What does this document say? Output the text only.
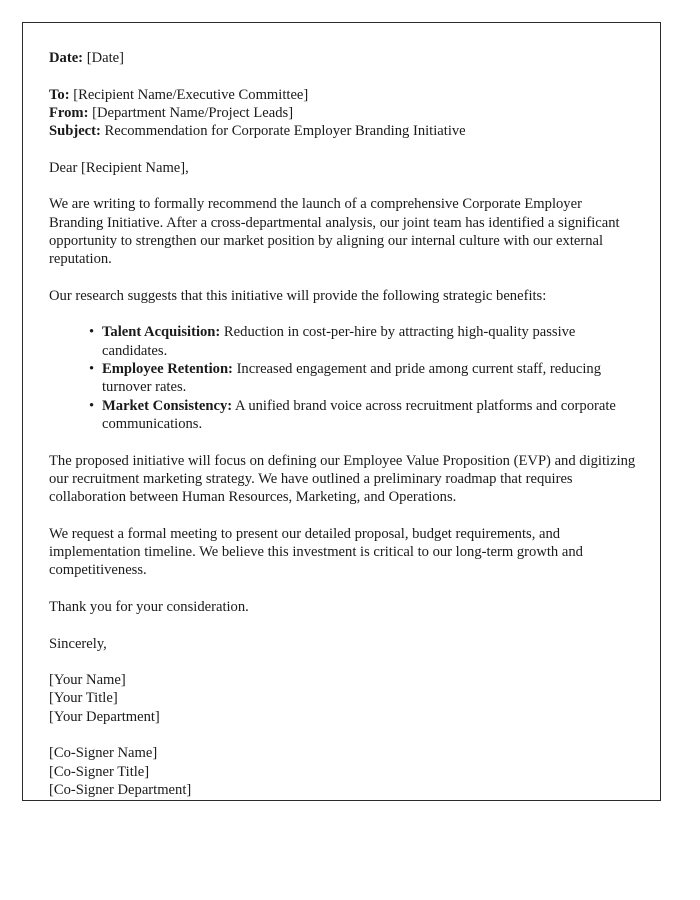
Date: [Date]
To: [Recipient Name/Executive Committee]
From: [Department Name/Project Leads]
Subject: Recommendation for Corporate Employer Branding Initiative

Dear [Recipient Name],

We are writing to formally recommend the launch of a comprehensive Corporate Employer Branding Initiative. After a cross-departmental analysis, our joint team has identified a significant opportunity to strengthen our market position by aligning our internal culture with our external reputation.

Our research suggests that this initiative will provide the following strategic benefits:

• Talent Acquisition: Reduction in cost-per-hire by attracting high-quality passive candidates.
• Employee Retention: Increased engagement and pride among current staff, reducing turnover rates.
• Market Consistency: A unified brand voice across recruitment platforms and corporate communications.

The proposed initiative will focus on defining our Employee Value Proposition (EVP) and digitizing our recruitment marketing strategy. We have outlined a preliminary roadmap that requires collaboration between Human Resources, Marketing, and Operations.

We request a formal meeting to present our detailed proposal, budget requirements, and implementation timeline. We believe this investment is critical to our long-term growth and competitiveness.

Thank you for your consideration.

Sincerely,

[Your Name]
[Your Title]
[Your Department]
[Co-Signer Name]
[Co-Signer Title]
[Co-Signer Department]
